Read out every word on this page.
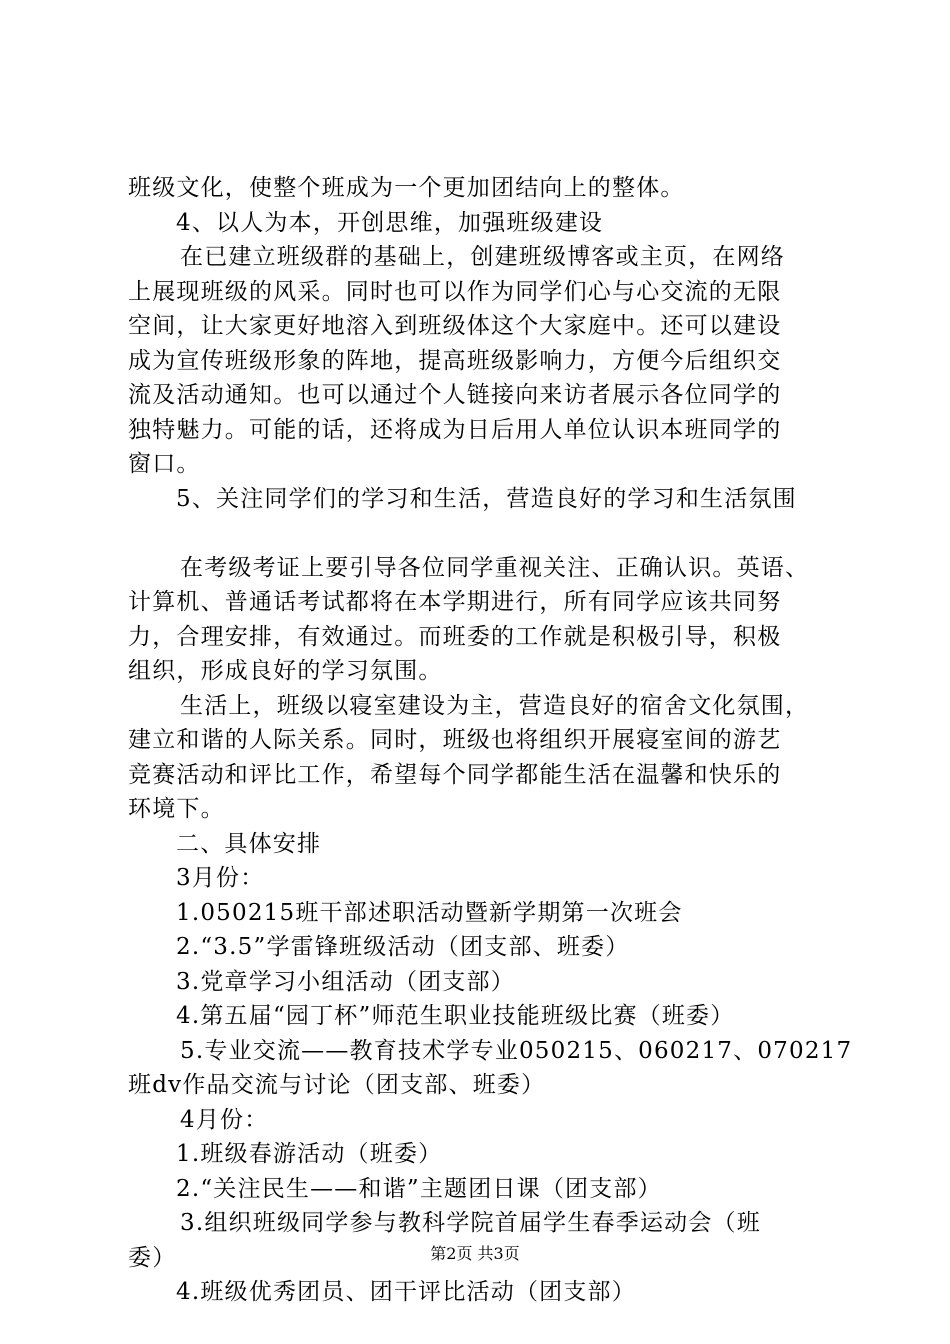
班级文化，使整个班成为一个更加团结向上的整体。
4、以人为本，开创思维，加强班级建设
在已建立班级群的基础上，创建班级博客或主页，在网络
上展现班级的风采。同时也可以作为同学们心与心交流的无限
空间，让大家更好地溶入到班级体这个大家庭中。还可以建设
成为宣传班级形象的阵地，提高班级影响力，方便今后组织交
流及活动通知。也可以通过个人链接向来访者展示各位同学的
独特魅力。可能的话，还将成为日后用人单位认识本班同学的
窗口。
5、关注同学们的学习和生活，营造良好的学习和生活氛围
在考级考证上要引导各位同学重视关注、正确认识。英语、
计算机、普通话考试都将在本学期进行，所有同学应该共同努
力，合理安排，有效通过。而班委的工作就是积极引导，积极
组织，形成良好的学习氛围。
生活上，班级以寝室建设为主，营造良好的宿舍文化氛围，
建立和谐的人际关系。同时，班级也将组织开展寝室间的游艺
竞赛活动和评比工作，希望每个同学都能生活在温馨和快乐的
环境下。
二、具体安排
3月份：
1.050215班干部述职活动暨新学期第一次班会
2.“3.5”学雷锋班级活动（团支部、班委）
3.党章学习小组活动（团支部）
4.第五届“园丁杯”师范生职业技能班级比赛（班委）
5.专业交流——教育技术学专业050215、060217、070217
班dv作品交流与讨论（团支部、班委）
4月份：
1.班级春游活动（班委）
2.“关注民生——和谐”主题团日课（团支部）
3.组织班级同学参与教科学院首届学生春季运动会（班
委）
4.班级优秀团员、团干评比活动（团支部）
第2页 共3页
